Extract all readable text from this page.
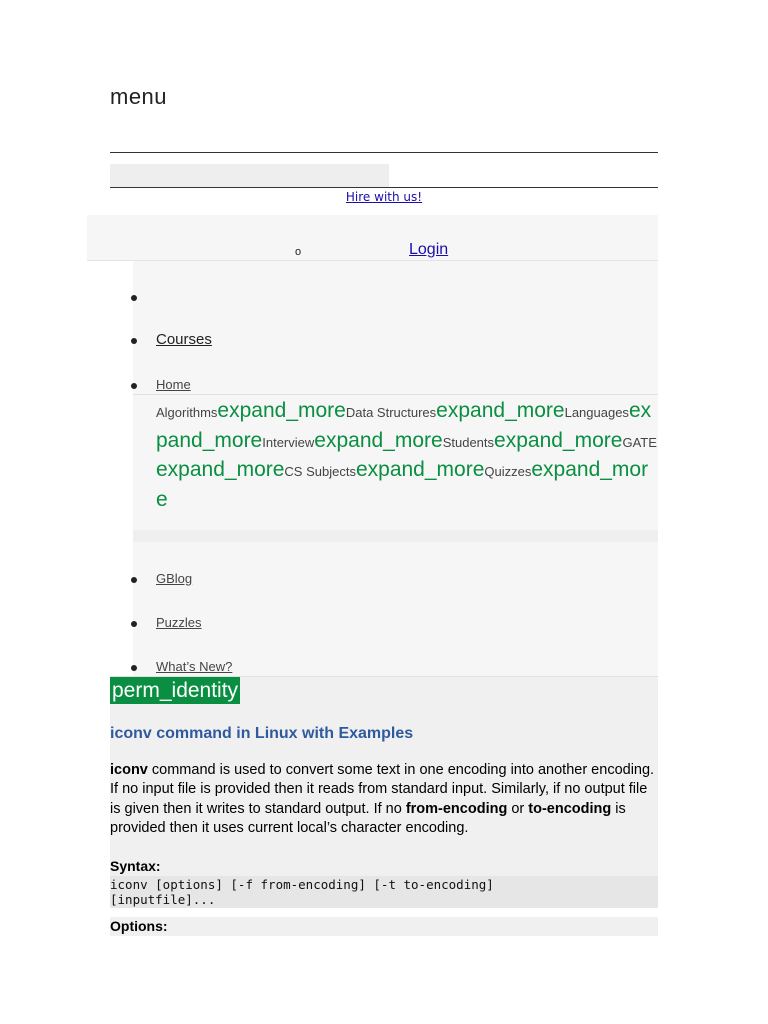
menu
Hire with us!
o	Login
Courses
Home
Algorithmsexpand_moreData Structuresexpand_moreLanguagesexpand_moreInterviewexpand_moreStudentsexpand_moreGATEexpand_moreCS Subjectsexpand_moreQuizzesexpand_more
GBlog
Puzzles
What’s New?
perm_identity
iconv command in Linux with Examples
iconv command is used to convert some text in one encoding into another encoding. If no input file is provided then it reads from standard input. Similarly, if no output file is given then it writes to standard output. If no from-encoding or to-encoding is provided then it uses current local’s character encoding.
Syntax:
iconv [options] [-f from-encoding] [-t to-encoding]
[inputfile]...
Options:
